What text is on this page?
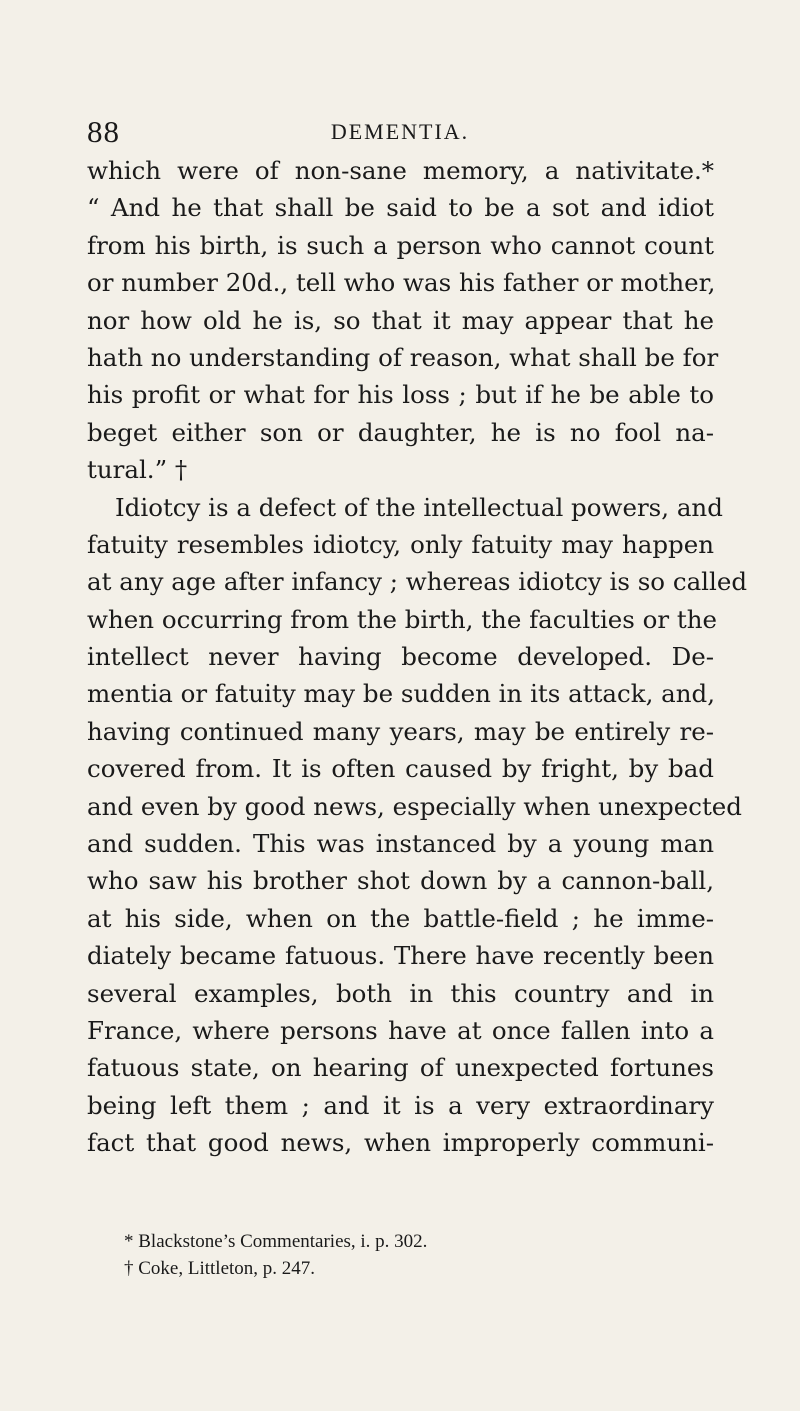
88	DEMENTIA.
which were of non-sane memory, a nativitate.*
“ And he that shall be said to be a sot and idiot
from his birth, is such a person who cannot count
or number 20d., tell who was his father or mother,
nor how old he is, so that it may appear that he
hath no understanding of reason, what shall be for
his profit or what for his loss ; but if he be able to
beget either son or daughter, he is no fool na-
tural.” †
Idiotcy is a defect of the intellectual powers, and
fatuity resembles idiotcy, only fatuity may happen
at any age after infancy ; whereas idiotcy is so called
when occurring from the birth, the faculties or the
intellect never having become developed. De-
mentia or fatuity may be sudden in its attack, and,
having continued many years, may be entirely re-
covered from. It is often caused by fright, by bad
and even by good news, especially when unexpected
and sudden. This was instanced by a young man
who saw his brother shot down by a cannon-ball,
at his side, when on the battle-field ; he imme-
diately became fatuous. There have recently been
several examples, both in this country and in
France, where persons have at once fallen into a
fatuous state, on hearing of unexpected fortunes
being left them ; and it is a very extraordinary
fact that good news, when improperly communi-
* Blackstone’s Commentaries, i. p. 302.
† Coke, Littleton, p. 247.
